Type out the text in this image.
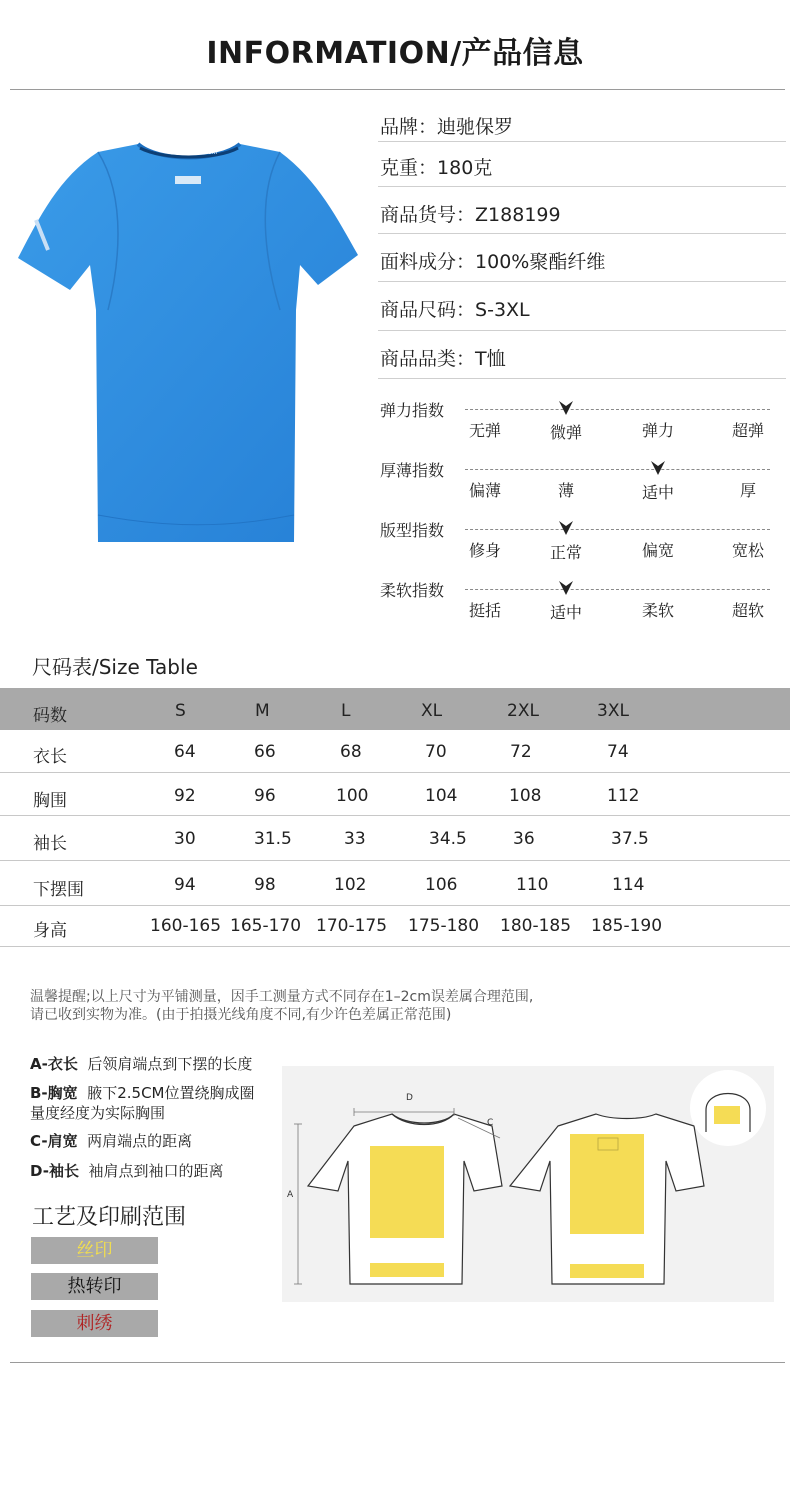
INFORMATION/产品信息
FASHION SPORT
品牌：迪驰保罗
克重：180克
商品货号：Z188199
面料成分：100%聚酯纤维
商品尺码：S-3XL
商品品类：T恤
弹力指数
无弹	微弹	弹力	超弹
厚薄指数
偏薄	薄	适中	厚
版型指数
修身	正常	偏宽	宽松
柔软指数
挺括	适中	柔软	超软
尺码表/Size Table
码数	S	M	L	XL	2XL	3XL
衣长	64	66	68	70	72	74
胸围	92	96	100	104	108	112
袖长	30	31.5	33	34.5	36	37.5
下摆围	94	98	102	106	110	114
身高	160-165 165-170 170-175 175-180 180-185 185-190
温馨提醒;以上尺寸为平铺测量，因手工测量方式不同存在1–2cm误差属合理范围,
请已收到实物为准。(由于拍摄光线角度不同,有少许色差属正常范围)
A-衣长 后领肩端点到下摆的长度
B-胸宽 腋下2.5CM位置绕胸成圈
量度经度为实际胸围
C-肩宽 两肩端点的距离
D-袖长 袖肩点到袖口的距离
工艺及印刷范围
丝印
热转印
刺绣
D
C
A
